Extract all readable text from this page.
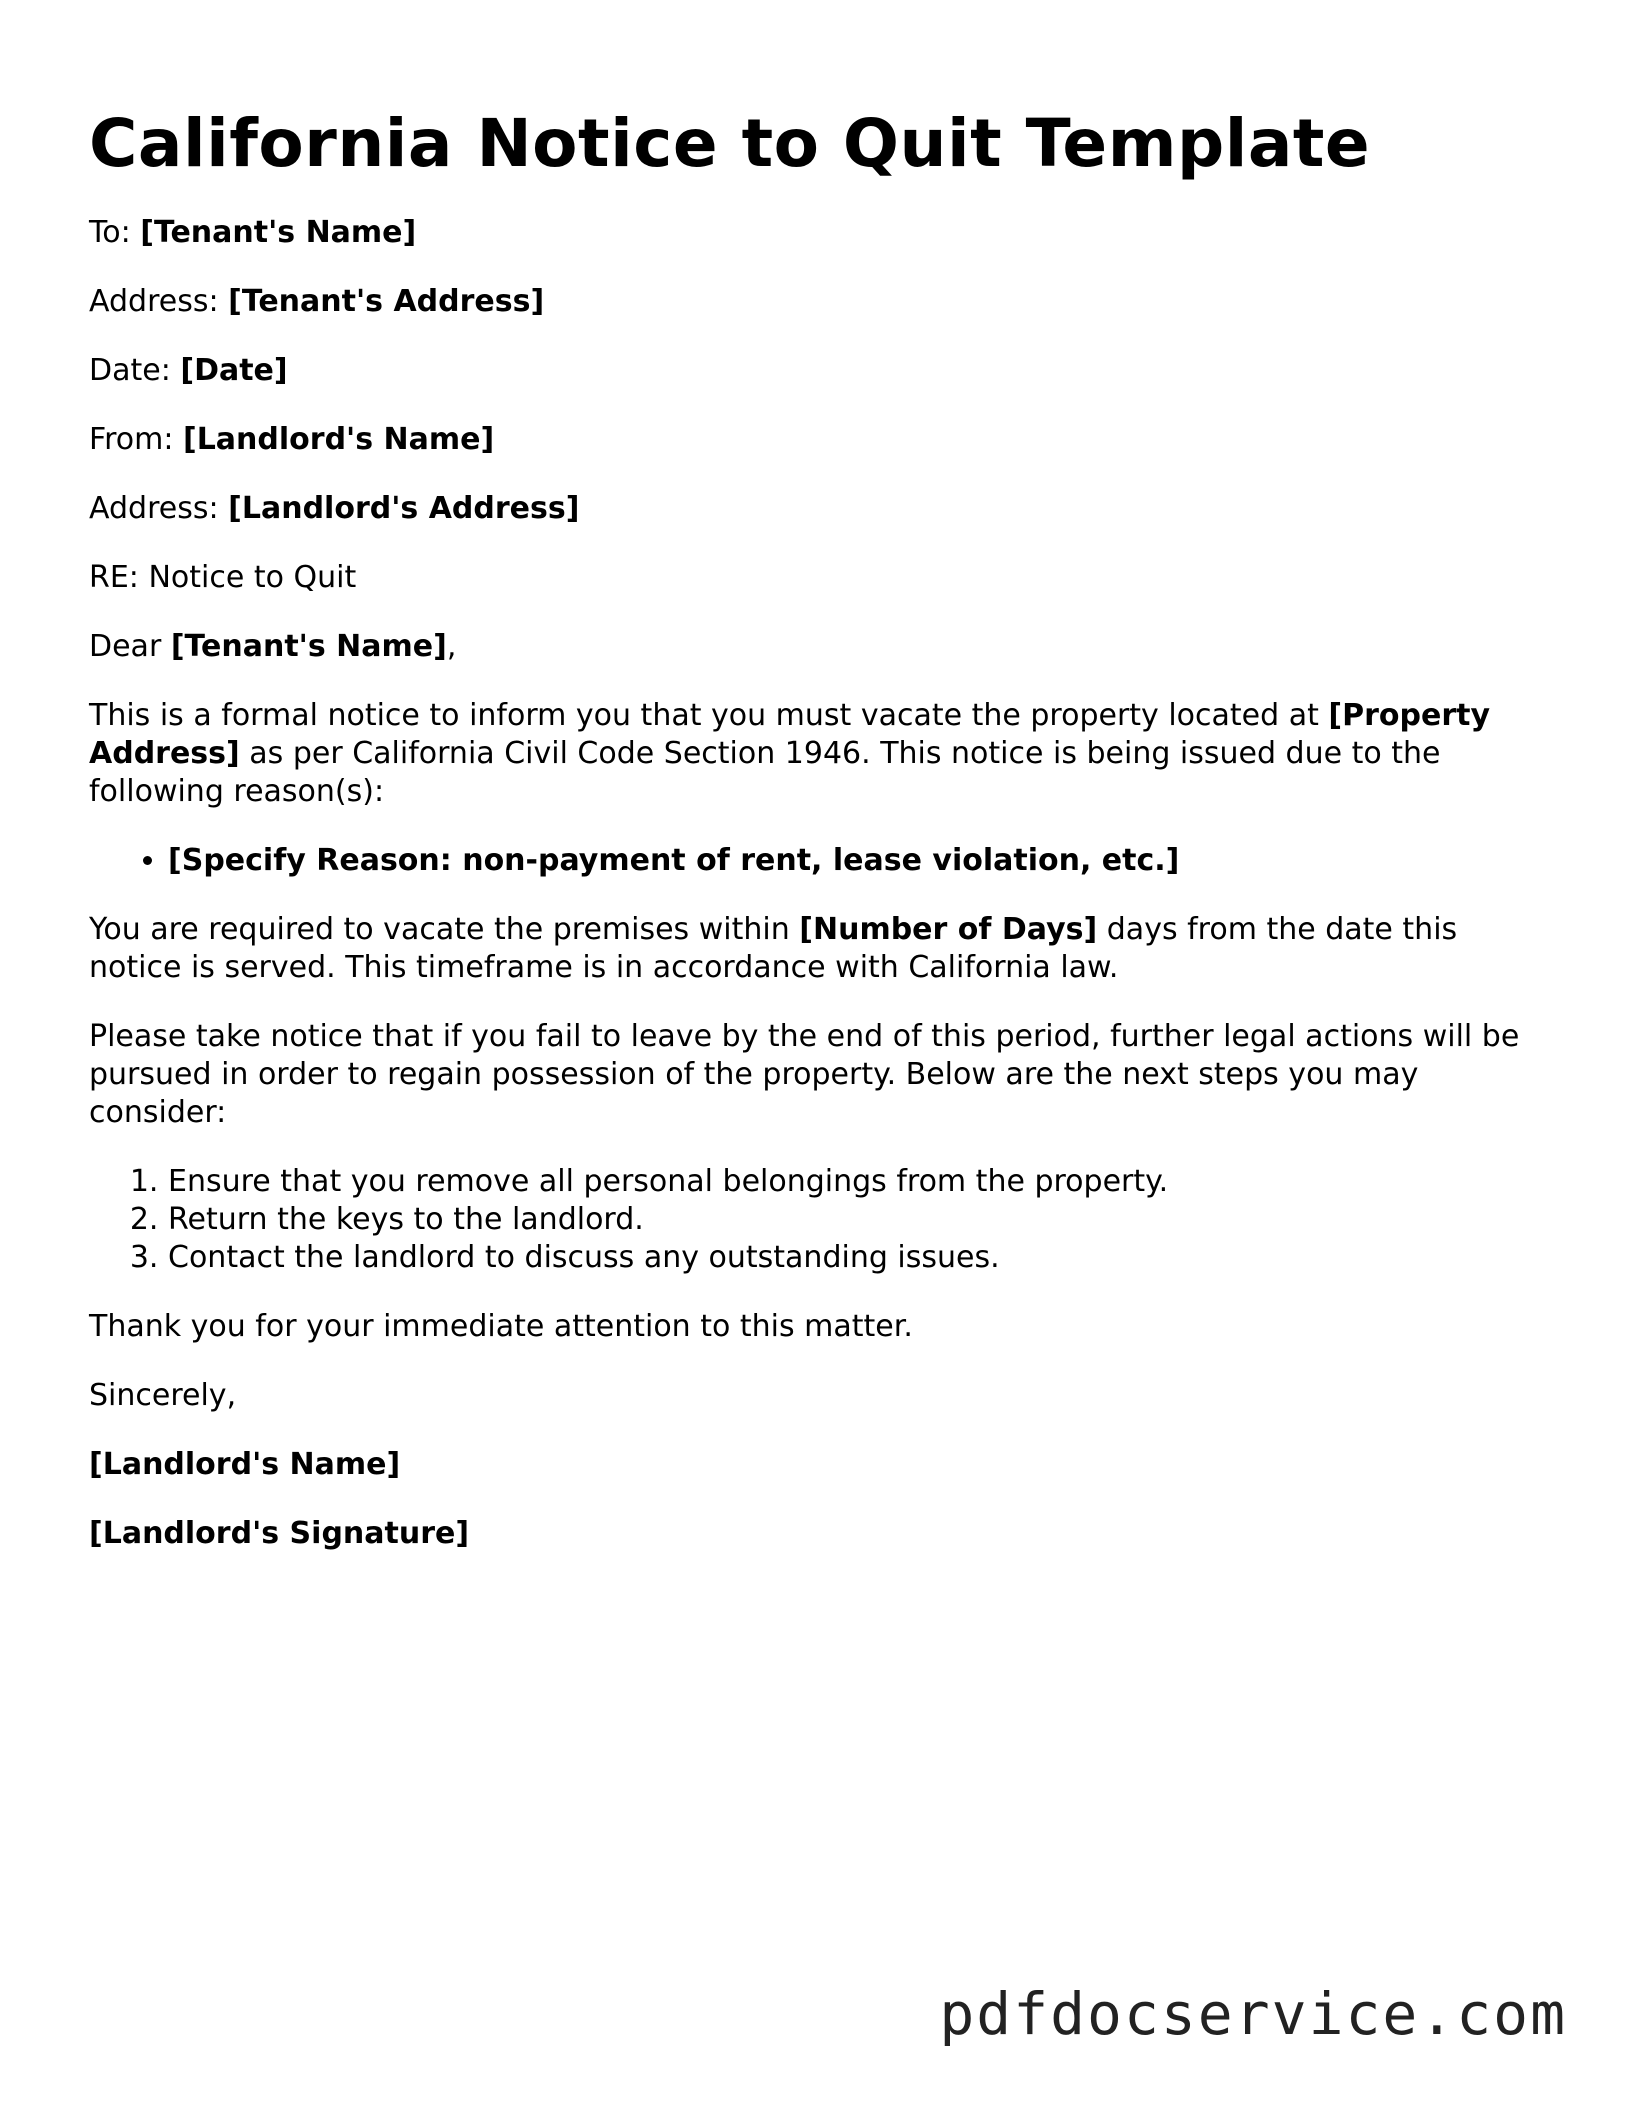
California Notice to Quit Template

To: [Tenant's Name]

Address: [Tenant's Address]

Date: [Date]

From: [Landlord's Name]

Address: [Landlord's Address]

RE: Notice to Quit

Dear [Tenant's Name],

This is a formal notice to inform you that you must vacate the property located at [Property Address] as per California Civil Code Section 1946. This notice is being issued due to the following reason(s):

• [Specify Reason: non-payment of rent, lease violation, etc.]

You are required to vacate the premises within [Number of Days] days from the date this notice is served. This timeframe is in accordance with California law.

Please take notice that if you fail to leave by the end of this period, further legal actions will be pursued in order to regain possession of the property. Below are the next steps you may consider:

1. Ensure that you remove all personal belongings from the property.
2. Return the keys to the landlord.
3. Contact the landlord to discuss any outstanding issues.

Thank you for your immediate attention to this matter.

Sincerely,

[Landlord's Name]

[Landlord's Signature]

pdfdocservice.com
